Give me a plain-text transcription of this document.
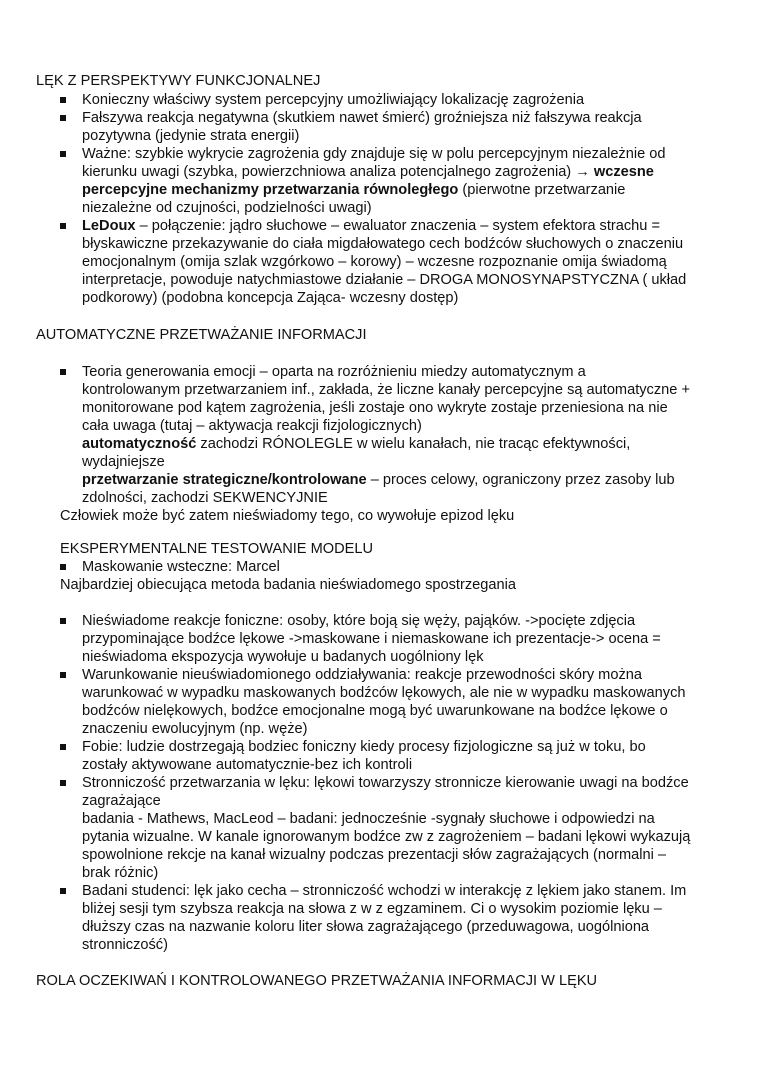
LĘK Z PERSPEKTYWY FUNKCJONALNEJ
Konieczny właściwy system percepcyjny umożliwiający lokalizację zagrożenia
Fałszywa reakcja negatywna (skutkiem nawet śmierć) groźniejsza niż fałszywa reakcja
pozytywna (jedynie strata energii)
Ważne: szybkie wykrycie zagrożenia gdy znajduje się w polu percepcyjnym niezależnie od
kierunku uwagi (szybka, powierzchniowa analiza potencjalnego zagrożenia) → wczesne
percepcyjne mechanizmy przetwarzania równoległego (pierwotne przetwarzanie
niezależne od czujności, podzielności uwagi)
LeDoux – połączenie: jądro słuchowe – ewaluator znaczenia – system efektora strachu =
błyskawiczne przekazywanie do ciała migdałowatego cech bodźców słuchowych o znaczeniu
emocjonalnym (omija szlak wzgórkowo – korowy) – wczesne rozpoznanie omija świadomą
interpretacje, powoduje natychmiastowe działanie – DROGA MONOSYNAPSTYCZNA ( układ
podkorowy) (podobna koncepcja Zająca- wczesny dostęp)
AUTOMATYCZNE PRZETWAŻANIE INFORMACJI
Teoria generowania emocji – oparta na rozróżnieniu miedzy automatycznym a
kontrolowanym przetwarzaniem inf., zakłada, że liczne kanały percepcyjne są automatyczne +
monitorowane pod kątem zagrożenia, jeśli zostaje ono wykryte zostaje przeniesiona na nie
cała uwaga (tutaj – aktywacja reakcji fizjologicznych)
automatyczność zachodzi RÓNOLEGLE w wielu kanałach, nie tracąc efektywności,
wydajniejsze
przetwarzanie strategiczne/kontrolowane – proces celowy, ograniczony przez zasoby lub
zdolności, zachodzi SEKWENCYJNIE
Człowiek może być zatem nieświadomy tego, co wywołuje epizod lęku
EKSPERYMENTALNE TESTOWANIE MODELU
Maskowanie wsteczne: Marcel
Najbardziej obiecująca metoda badania nieświadomego spostrzegania
Nieświadome reakcje foniczne: osoby, które boją się węży, pająków. ->pocięte zdjęcia
przypominające bodźce lękowe ->maskowane i niemaskowane ich prezentacje-> ocena =
nieświadoma ekspozycja wywołuje u badanych uogólniony lęk
Warunkowanie nieuświadomionego oddziaływania: reakcje przewodności skóry można
warunkować w wypadku maskowanych bodźców lękowych, ale nie w wypadku maskowanych
bodźców nielękowych, bodźce emocjonalne mogą być uwarunkowane na bodźce lękowe o
znaczeniu ewolucyjnym (np. węże)
Fobie: ludzie dostrzegają bodziec foniczny kiedy procesy fizjologiczne są już w toku, bo
zostały aktywowane automatycznie-bez ich kontroli
Stronniczość przetwarzania w lęku: lękowi towarzyszy stronnicze kierowanie uwagi na bodźce
zagrażające
badania - Mathews, MacLeod – badani: jednocześnie -sygnały słuchowe i odpowiedzi na
pytania wizualne. W kanale ignorowanym bodźce zw z zagrożeniem – badani lękowi wykazują
spowolnione rekcje na kanał wizualny podczas prezentacji słów zagrażających (normalni –
brak różnic)
Badani studenci: lęk jako cecha – stronniczość wchodzi w interakcję z lękiem jako stanem. Im
bliżej sesji tym szybsza reakcja na słowa z w z egzaminem. Ci o wysokim poziomie lęku –
dłuższy czas na nazwanie koloru liter słowa zagrażającego (przeduwagowa, uogólniona
stronniczość)
ROLA OCZEKIWAŃ I KONTROLOWANEGO PRZETWAŻANIA INFORMACJI W LĘKU
